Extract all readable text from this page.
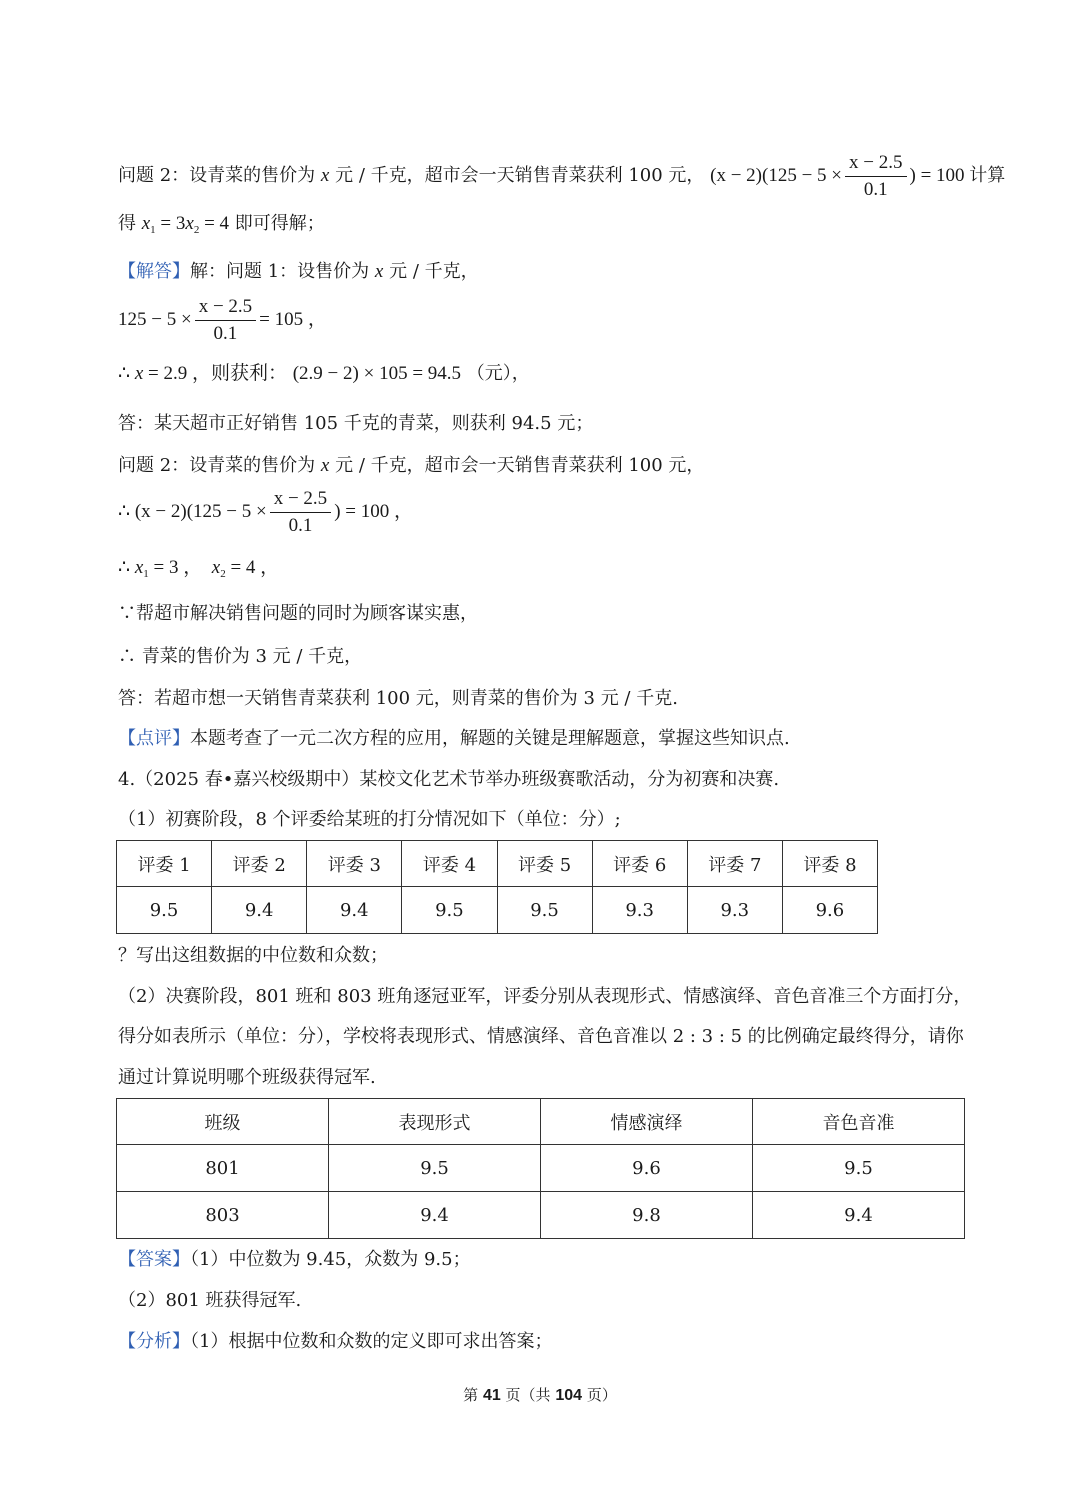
问题 2：设青菜的售价为 x 元 / 千克，超市会一天销售青菜获利 100 元， $(x - 2)(125 - 5 \times \frac{x - 2.5}{0.1}$ ) = 100 计算
得 $x_1 = 3x_2 = 4$ 即可得解；
【解答】解：问题 1：设售价为 x 元 / 千克，
$125 - 5 \times \frac{x - 2.5}{0.1} = 105$ ，
∴ x = 2.9 ，则获利： (2.9 − 2) × 105 = 94.5 （元），
答：某天超市正好销售 105 千克的青菜，则获利 94.5 元；
问题 2：设青菜的售价为 x 元 / 千克，超市会一天销售青菜获利 100 元，
∴ $(x - 2)(125 - 5 \times \frac{x - 2.5}{0.1}$ ) = 100 ，
∴ $x_1 = 3$ ， $x_2 = 4$ ，
∵帮超市解决销售问题的同时为顾客谋实惠，
∴ 青菜的售价为 3 元 / 千克，
答：若超市想一天销售青菜获利 100 元，则青菜的售价为 3 元 / 千克.
【点评】本题考查了一元二次方程的应用，解题的关键是理解题意，掌握这些知识点.
4.（2025 春•嘉兴校级期中）某校文化艺术节举办班级赛歌活动，分为初赛和决赛.
（1）初赛阶段，8 个评委给某班的打分情况如下（单位：分）;
评委 1	评委 2	评委 3	评委 4	评委 5	评委 6	评委 7	评委 8
9.5	9.4	9.4	9.5	9.5	9.3	9.3	9.6
？写出这组数据的中位数和众数；
（2）决赛阶段，801 班和 803 班角逐冠亚军，评委分别从表现形式、情感演绎、音色音准三个方面打分，
得分如表所示（单位：分），学校将表现形式、情感演绎、音色音准以 2 : 3 : 5 的比例确定最终得分，请你
通过计算说明哪个班级获得冠军.
班级	表现形式	情感演绎	音色音准
801	9.5	9.6	9.5
803	9.4	9.8	9.4
【答案】（1）中位数为 9.45，众数为 9.5；
（2）801 班获得冠军.
【分析】（1）根据中位数和众数的定义即可求出答案；
第 41 页（共 104 页）
